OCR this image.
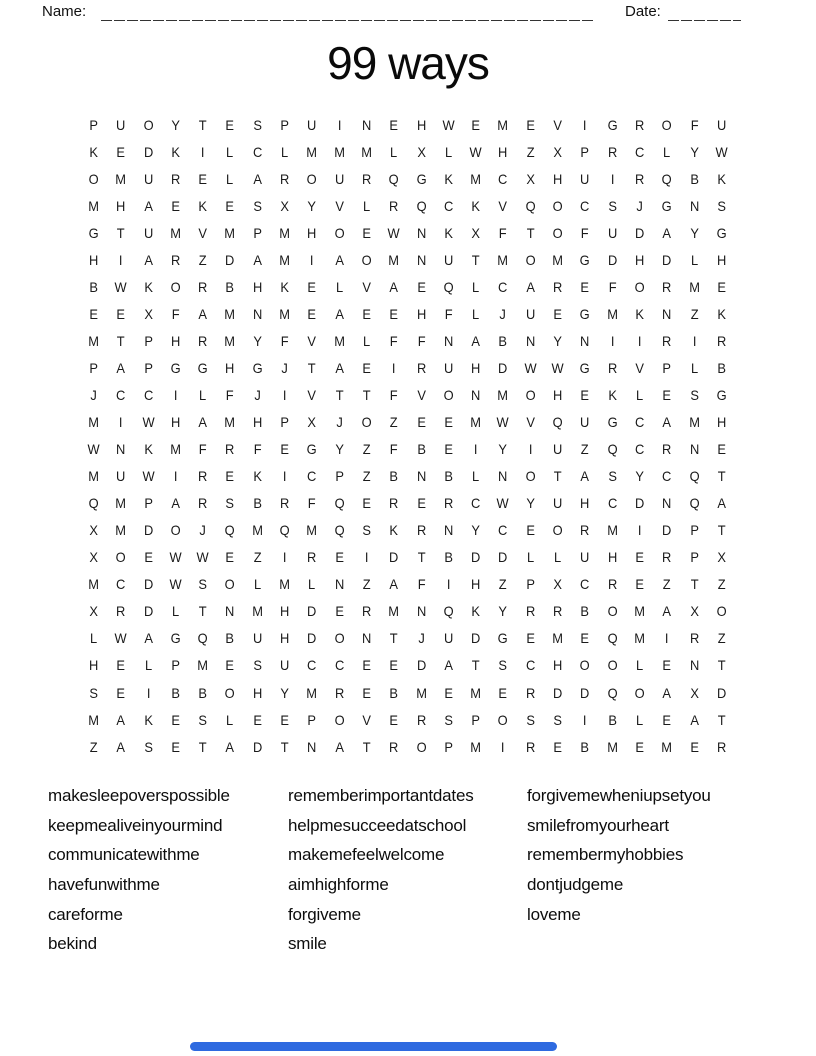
Name:	Date:
99 ways
P	U	O	Y	T	E	S	P	U	I	N	E	H	W	E	M	E	V	I	G	R	O	F	U
K	E	D	K	I	L	C	L	M	M	M	L	X	L	W	H	Z	X	P	R	C	L	Y	W
O	M	U	R	E	L	A	R	O	U	R	Q	G	K	M	C	X	H	U	I	R	Q	B	K
M	H	A	E	K	E	S	X	Y	V	L	R	Q	C	K	V	Q	O	C	S	J	G	N	S
G	T	U	M	V	M	P	M	H	O	E	W	N	K	X	F	T	O	F	U	D	A	Y	G
H	I	A	R	Z	D	A	M	I	A	O	M	N	U	T	M	O	M	G	D	H	D	L	H
B	W	K	O	R	B	H	K	E	L	V	A	E	Q	L	C	A	R	E	F	O	R	M	E
E	E	X	F	A	M	N	M	E	A	E	E	H	F	L	J	U	E	G	M	K	N	Z	K
M	T	P	H	R	M	Y	F	V	M	L	F	F	N	A	B	N	Y	N	I	I	R	I	R
P	A	P	G	G	H	G	J	T	A	E	I	R	U	H	D	W	W	G	R	V	P	L	B
J	C	C	I	L	F	J	I	V	T	T	F	V	O	N	M	O	H	E	K	L	E	S	G
M	I	W	H	A	M	H	P	X	J	O	Z	E	E	M	W	V	Q	U	G	C	A	M	H
W	N	K	M	F	R	F	E	G	Y	Z	F	B	E	I	Y	I	U	Z	Q	C	R	N	E
M	U	W	I	R	E	K	I	C	P	Z	B	N	B	L	N	O	T	A	S	Y	C	Q	T
Q	M	P	A	R	S	B	R	F	Q	E	R	E	R	C	W	Y	U	H	C	D	N	Q	A
X	M	D	O	J	Q	M	Q	M	Q	S	K	R	N	Y	C	E	O	R	M	I	D	P	T
X	O	E	W	W	E	Z	I	R	E	I	D	T	B	D	D	L	L	U	H	E	R	P	X
M	C	D	W	S	O	L	M	L	N	Z	A	F	I	H	Z	P	X	C	R	E	Z	T	Z
X	R	D	L	T	N	M	H	D	E	R	M	N	Q	K	Y	R	R	B	O	M	A	X	O
L	W	A	G	Q	B	U	H	D	O	N	T	J	U	D	G	E	M	E	Q	M	I	R	Z
H	E	L	P	M	E	S	U	C	C	E	E	D	A	T	S	C	H	O	O	L	E	N	T
S	E	I	B	B	O	H	Y	M	R	E	B	M	E	M	E	R	D	D	Q	O	A	X	D
M	A	K	E	S	L	E	E	P	O	V	E	R	S	P	O	S	S	I	B	L	E	A	T
Z	A	S	E	T	A	D	T	N	A	T	R	O	P	M	I	R	E	B	M	E	M	E	R
makesleepoverspossible
keepmealiveinyourmind
communicatewithme
havefunwithme
careforme
bekind
rememberimportantdates
helpmesucceedatschool
makemefeelwelcome
aimhighforme
forgiveme
smile
forgivemewheniupsetyou
smilefromyourheart
remembermyhobbies
dontjudgeme
loveme
